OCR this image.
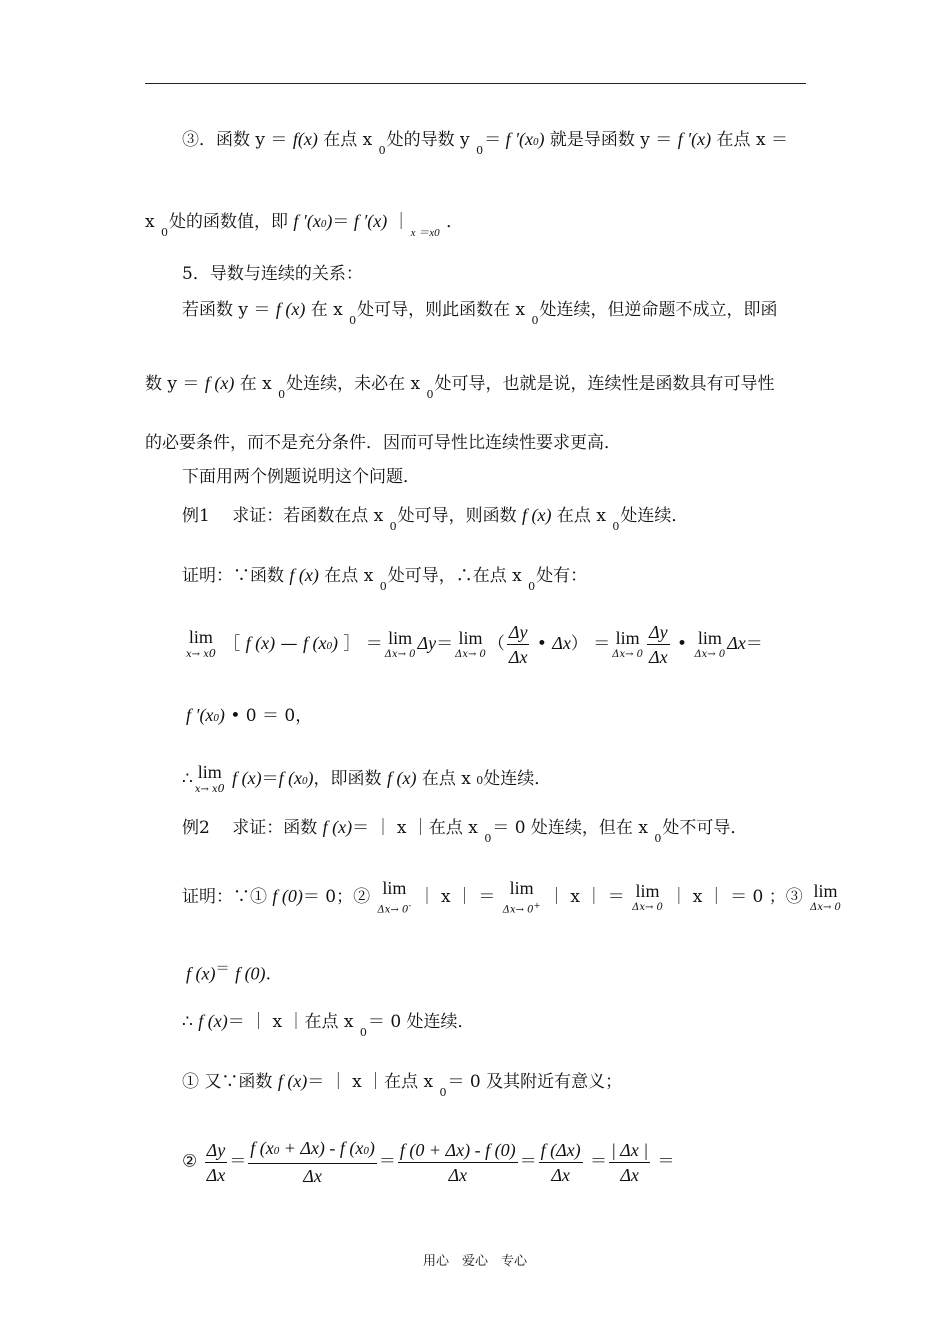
③．函数 y ＝ f(x) 在点 x $_0$处的导数 y $_0$＝ f ′(x0) 就是导函数 y ＝ f ′(x) 在点 x ＝
x $_0$处的函数值，即 f ′(x0)＝ f ′(x) $|_{x =x0}$ ．
5．导数与连续的关系：
若函数 y ＝ f (x) 在 x $_0$处可导，则此函数在 x $_0$处连续，但逆命题不成立，即函
数 y ＝ f (x) 在 x $_0$处连续，未必在 x $_0$处可导，也就是说，连续性是函数具有可导性
的必要条件，而不是充分条件．因而可导性比连续性要求更高．
下面用两个例题说明这个问题．
例1　 求证：若函数在点 x $_0$处可导，则函数 f (x) 在点 x $_0$处连续．
证明：∵函数 f (x) 在点 x $_0$处可导，∴在点 x $_0$处有：
lim
x→ x0 ［ f (x) — f (x0) ］ ＝ lim
Δx→ 0
Δy＝ lim
Δx→ 0 （ $\frac{\Delta y}{\Delta x}$ • Δx） ＝ lim
$\Delta x\to 0 \frac{\Delta y}{\Delta x}$ • lim
Δx→ 0
Δx＝
f ′(x0) • 0 ＝ 0，
∴ lim
x→ x0
f (x)＝f (x0)，即函数 f (x) 在点 x 0处连续．
例2　 求证：函数 f (x)＝ ｜ x ｜在点 x $_0$＝ 0 处连续，但在 x $_0$处不可导．
证明：∵① f (0)＝ 0；② lim
Δx→ 0- ｜ x ｜ ＝ lim
Δx→ 0+ ｜ x ｜ ＝ lim
Δx→ 0 ｜ x ｜ ＝ 0 ；③ lim
Δx→ 0
f (x)＝ f (0).
∴ f (x)＝ ｜ x ｜在点 x $_0$＝ 0 处连续．
① 又∵函数 f (x)＝ ｜ x ｜在点 x $_0$＝ 0 及其附近有意义；
② $\frac{\Delta y}{\Delta x} = \frac{f (x0 + \Delta x) - f (x0)}{\Delta x} = \frac{f (0 + \Delta x) - f (0)}{\Delta x} = \frac{f (\Delta x)}{\Delta x} = \frac{| \Delta x |}{\Delta x}$ ＝
用心　爱心　专心
